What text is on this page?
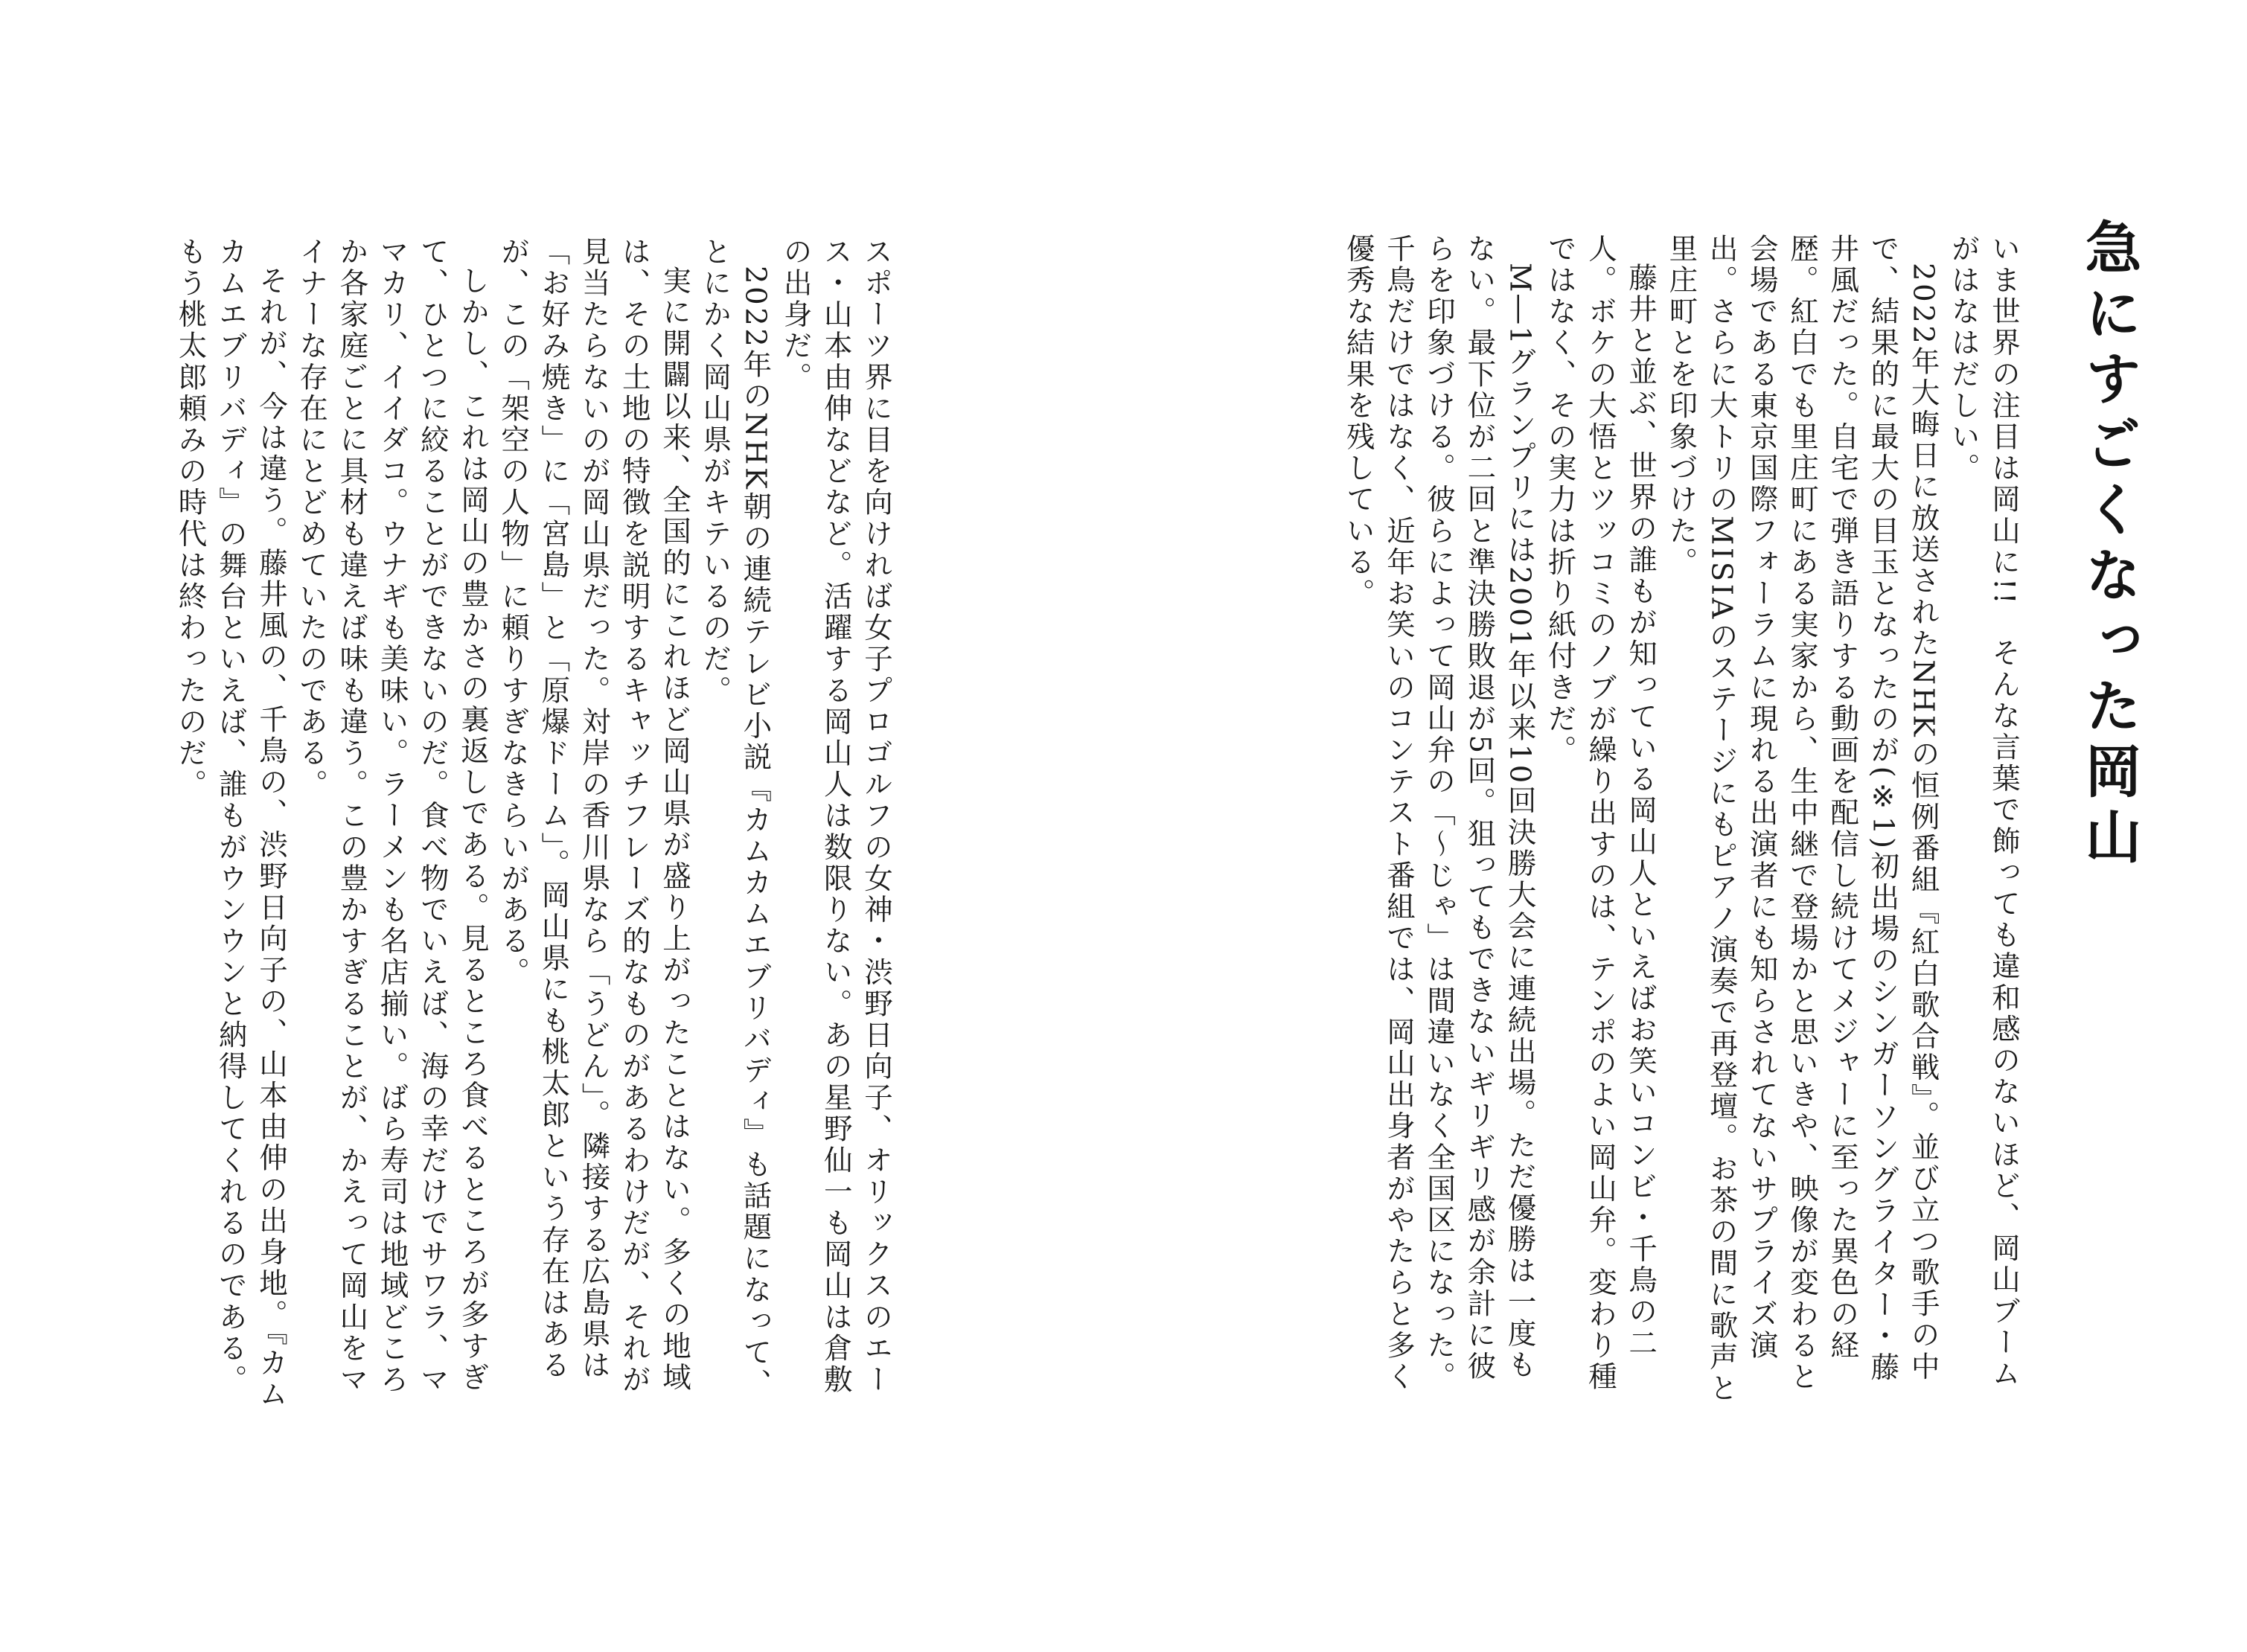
急にすごくなった岡山

いま世界の注目は岡山に!!　そんな言葉で飾っても違和感のないほど、岡山ブームがはなはだしい。

2022年大晦日に放送されたNHKの恒例番組『紅白歌合戦』。並び立つ歌手の中で、結果的に最大の目玉となったのが(※1)初出場のシンガーソングライター・藤井風だった。自宅で弾き語りする動画を配信し続けてメジャーに至った異色の経歴。紅白でも里庄町にある実家から、生中継で登場かと思いきや、映像が変わると会場である東京国際フォーラムに現れる出演者にも知らされてないサプライズ演出。さらに大トリのMISIAのステージにもピアノ演奏で再登壇。お茶の間に歌声と里庄町とを印象づけた。

藤井と並ぶ、世界の誰もが知っている岡山人といえばお笑いコンビ・千鳥の二人。ボケの大悟とツッコミのノブが繰り出すのは、テンポのよい岡山弁。変わり種ではなく、その実力は折り紙付きだ。

M―1グランプリには2001年以来10回決勝大会に連続出場。ただ優勝は一度もない。最下位が二回と準決勝敗退が5回。狙ってもできないギリギリ感が余計に彼らを印象づける。彼らによって岡山弁の「～じゃ」は間違いなく全国区になった。千鳥だけではなく、近年お笑いのコンテスト番組では、岡山出身者がやたらと多く優秀な結果を残している。

スポーツ界に目を向ければ女子プロゴルフの女神・渋野日向子、オリックスのエース・山本由伸などなど。活躍する岡山人は数限りない。あの星野仙一も岡山は倉敷の出身だ。

2022年のNHK朝の連続テレビ小説『カムカムエブリバディ』も話題になって、とにかく岡山県がキテいるのだ。

実に開闢以来、全国的にこれほど岡山県が盛り上がったことはない。多くの地域は、その土地の特徴を説明するキャッチフレーズ的なものがあるわけだが、それが見当たらないのが岡山県だった。対岸の香川県なら「うどん」。隣接する広島県は「お好み焼き」に「宮島」と「原爆ドーム」。岡山県にも桃太郎という存在はあるが、この「架空の人物」に頼りすぎなきらいがある。

しかし、これは岡山の豊かさの裏返しである。見るところ食べるところが多すぎて、ひとつに絞ることができないのだ。食べ物でいえば、海の幸だけでサワラ、ママカリ、イイダコ。ウナギも美味い。ラーメンも名店揃い。ばら寿司は地域どころか各家庭ごとに具材も違えば味も違う。この豊かすぎることが、かえって岡山をマイナーな存在にとどめていたのである。

それが、今は違う。藤井風の、千鳥の、渋野日向子の、山本由伸の出身地。『カムカムエブリバディ』の舞台といえば、誰もがウンウンと納得してくれるのである。もう桃太郎頼みの時代は終わったのだ。
